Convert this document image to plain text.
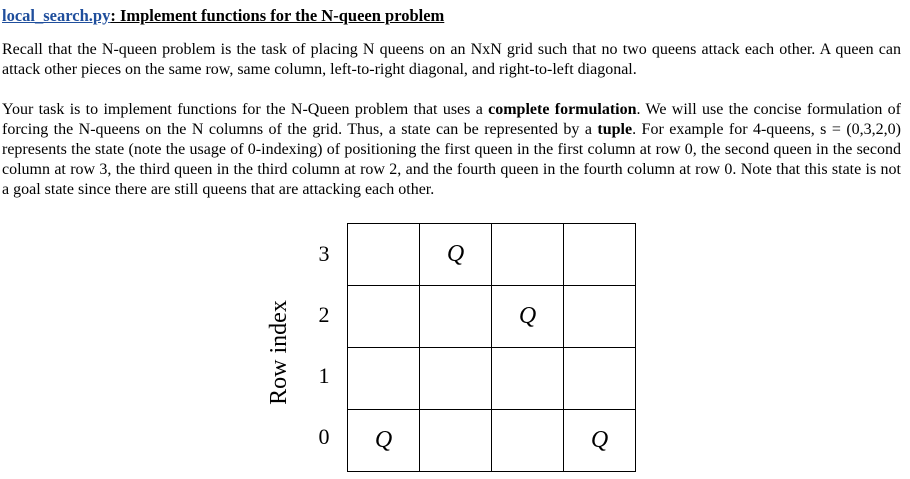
local_search.py: Implement functions for the N-queen problem

Recall that the N-queen problem is the task of placing N queens on an NxN grid such that no two queens attack each other. A queen can attack other pieces on the same row, same column, left-to-right diagonal, and right-to-left diagonal.

Your task is to implement functions for the N-Queen problem that uses a complete formulation. We will use the concise formulation of forcing the N-queens on the N columns of the grid. Thus, a state can be represented by a tuple. For example for 4-queens, s = (0,3,2,0) represents the state (note the usage of 0-indexing) of positioning the first queen in the first column at row 0, the second queen in the second column at row 3, the third queen in the third column at row 2, and the fourth queen in the fourth column at row 0. Note that this state is not a goal state since there are still queens that are attacking each other.

Row index
3
2
1
0
	Q		
		Q	

Q			Q
